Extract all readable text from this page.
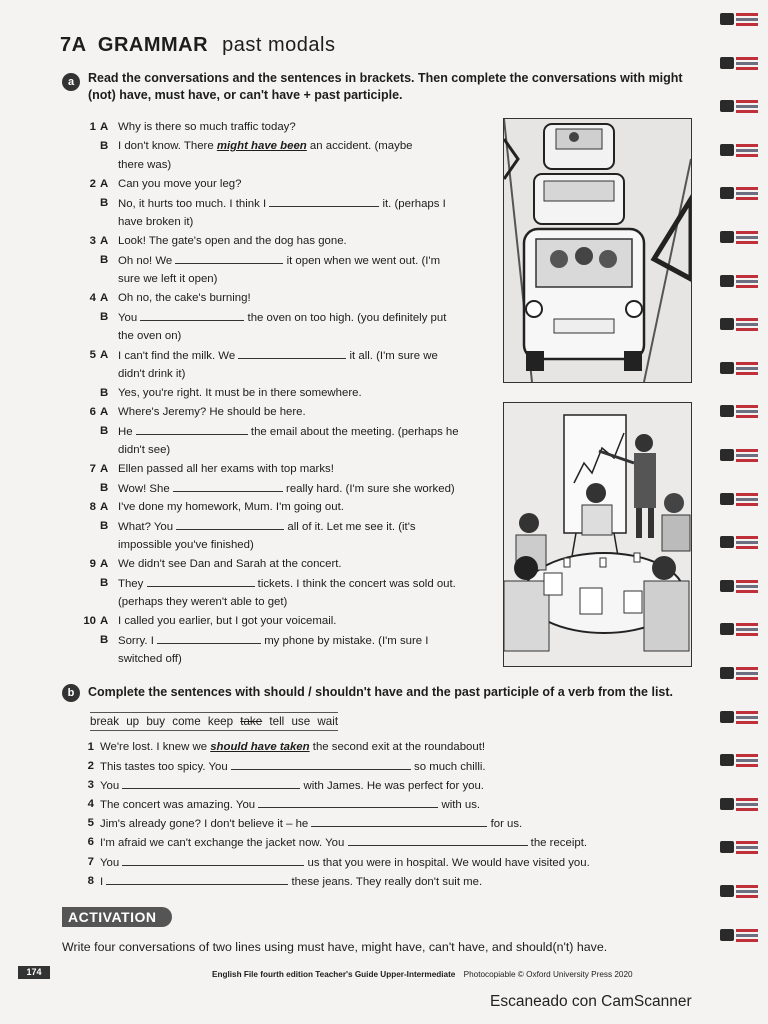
7A GRAMMAR past modals
a	Read the conversations and the sentences in brackets. Then complete the conversations with might
(not) have, must have, or can't have + past participle.
1 A Why is there so much traffic today?
B I don't know. There might have been an accident. (maybe
there was)
2 A Can you move your leg?
B No, it hurts too much. I think I	it. (perhaps I
have broken it)
3 A Look! The gate's open and the dog has gone.
B Oh no! We	it open when we went out. (I'm
sure we left it open)
4 A Oh no, the cake's burning!
B You	the oven on too high. (you definitely put
the oven on)
5 A I can't find the milk. We	it all. (I'm sure we
didn't drink it)
B Yes, you're right. It must be in there somewhere.
6 A Where's Jeremy? He should be here.
B He	the email about the meeting. (perhaps he
didn't see)
7 A Ellen passed all her exams with top marks!
B Wow! She	really hard. (I'm sure she worked)
8 A I've done my homework, Mum. I'm going out.
B What? You	all of it. Let me see it. (it's
impossible you've finished)
9 A We didn't see Dan and Sarah at the concert.
B They	tickets. I think the concert was sold out.
(perhaps they weren't able to get)
10 A I called you earlier, but I got your voicemail.
B Sorry. I	my phone by mistake. (I'm sure I
switched off)
b	Complete the sentences with should / shouldn't have and the past participle of a verb from the list.
break up buy come keep take tell use wait
1 We're lost. I knew we should have taken the second exit at the roundabout!
2 This tastes too spicy. You	so much chilli.
3 You	with James. He was perfect for you.
4 The concert was amazing. You	with us.
5 Jim's already gone? I don't believe it – he	for us.
6 I'm afraid we can't exchange the jacket now. You	the receipt.
7 You	us that you were in hospital. We would have visited you.
8 I	these jeans. They really don't suit me.
ACTIVATION
Write four conversations of two lines using must have, might have, can't have, and should(n't) have.
174	English File fourth edition Teacher's Guide Upper-Intermediate Photocopiable © Oxford University Press 2020
Escaneado con CamScanner
